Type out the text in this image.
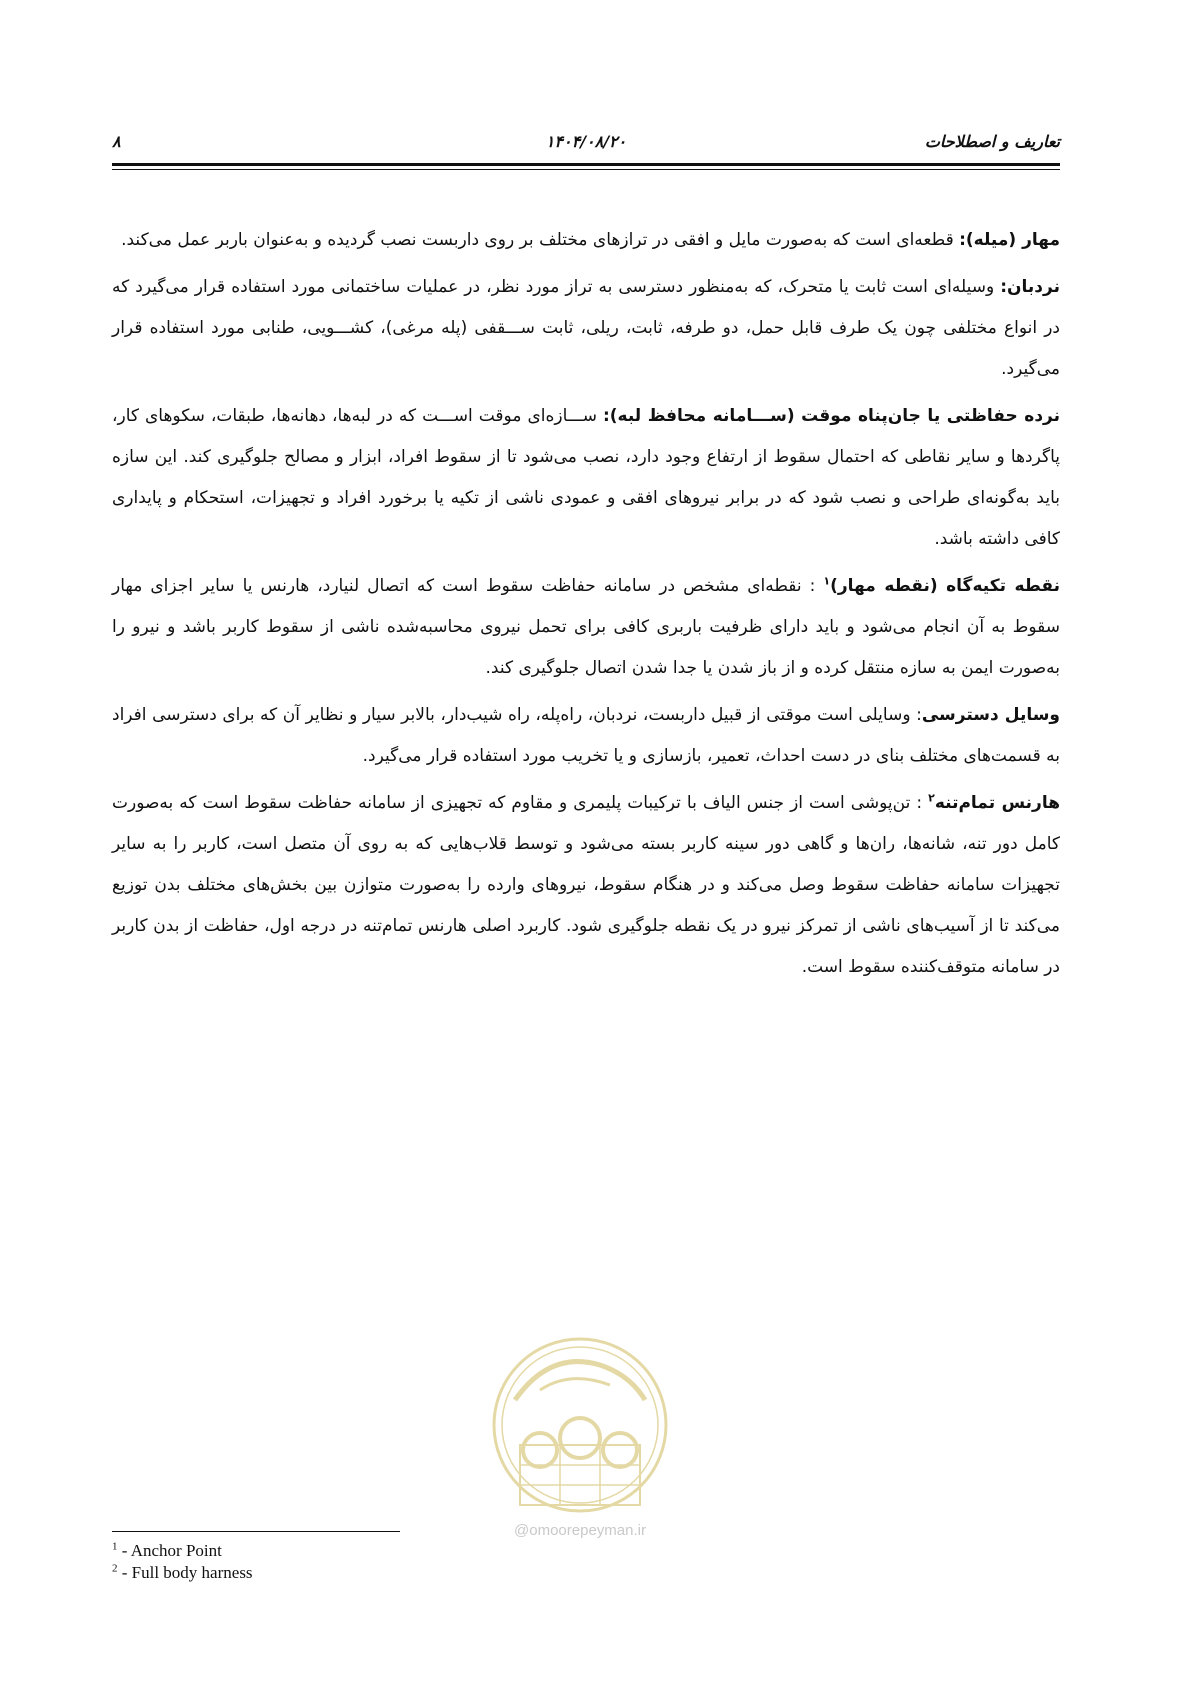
تعاریف و اصطلاحات
۱۴۰۴/۰۸/۲۰
۸

مهار (میله): قطعه‌ای است که به‌صورت مایل و افقی در ترازهای مختلف بر روی داربست نصب گردیده و به‌عنوان باربر عمل می‌کند.

نردبان: وسیله‌ای است ثابت یا متحرک، که به‌منظور دسترسی به تراز مورد نظر، در عملیات ساختمانی مورد استفاده قرار می‌گیرد که در انواع مختلفی چون یک طرف قابل حمل، دو طرفه، ثابت، ریلی، ثابت ســـقفی (پله مرغی)، کشـــویی، طنابی مورد استفاده قرار می‌گیرد.

نرده حفاظتی یا جان‌پناه موقت (ســـامانه محافظ لبه): ســـازه‌ای موقت اســـت که در لبه‌ها، دهانه‌ها، طبقات، سکوهای کار، پاگردها و سایر نقاطی که احتمال سقوط از ارتفاع وجود دارد، نصب می‌شود تا از سقوط افراد، ابزار و مصالح جلوگیری کند. این سازه باید به‌گونه‌ای طراحی و نصب شود که در برابر نیروهای افقی و عمودی ناشی از تکیه یا برخورد افراد و تجهیزات، استحکام و پایداری کافی داشته باشد.

نقطه تکیه‌گاه (نقطه مهار)$^۱$ : نقطه‌ای مشخص در سامانه حفاظت سقوط است که اتصال لنیارد، هارنس یا سایر اجزای مهار سقوط به آن انجام می‌شود و باید دارای ظرفیت باربری کافی برای تحمل نیروی محاسبه‌شده ناشی از سقوط کاربر باشد و نیرو را به‌صورت ایمن به سازه منتقل کرده و از باز شدن یا جدا شدن اتصال جلوگیری کند.

وسایل دسترسی: وسایلی است موقتی از قبیل داربست، نردبان، راه‌پله، راه شیب‌دار، بالابر سیار و نظایر آن که برای دسترسی افراد به قسمت‌های مختلف بنای در دست احداث، تعمیر، بازسازی و یا تخریب مورد استفاده قرار می‌گیرد.

هارنس تمام‌تنه$^۲$ : تن‌پوشی است از جنس الیاف با ترکیبات پلیمری و مقاوم که تجهیزی از سامانه حفاظت سقوط است که به‌صورت کامل دور تنه، شانه‌ها، ران‌ها و گاهی دور سینه کاربر بسته می‌شود و توسط قلاب‌هایی که به روی آن متصل است، کاربر را به سایر تجهیزات سامانه حفاظت سقوط وصل می‌کند و در هنگام سقوط، نیروهای وارده را به‌صورت متوازن بین بخش‌های مختلف بدن توزیع می‌کند تا از آسیب‌های ناشی از تمرکز نیرو در یک نقطه جلوگیری شود. کاربرد اصلی هارنس تمام‌تنه در درجه اول، حفاظت از بدن کاربر در سامانه متوقف‌کننده سقوط است.

@omoorepeyman.ir
$^1$ - Anchor Point
$^2$ - Full body harness
